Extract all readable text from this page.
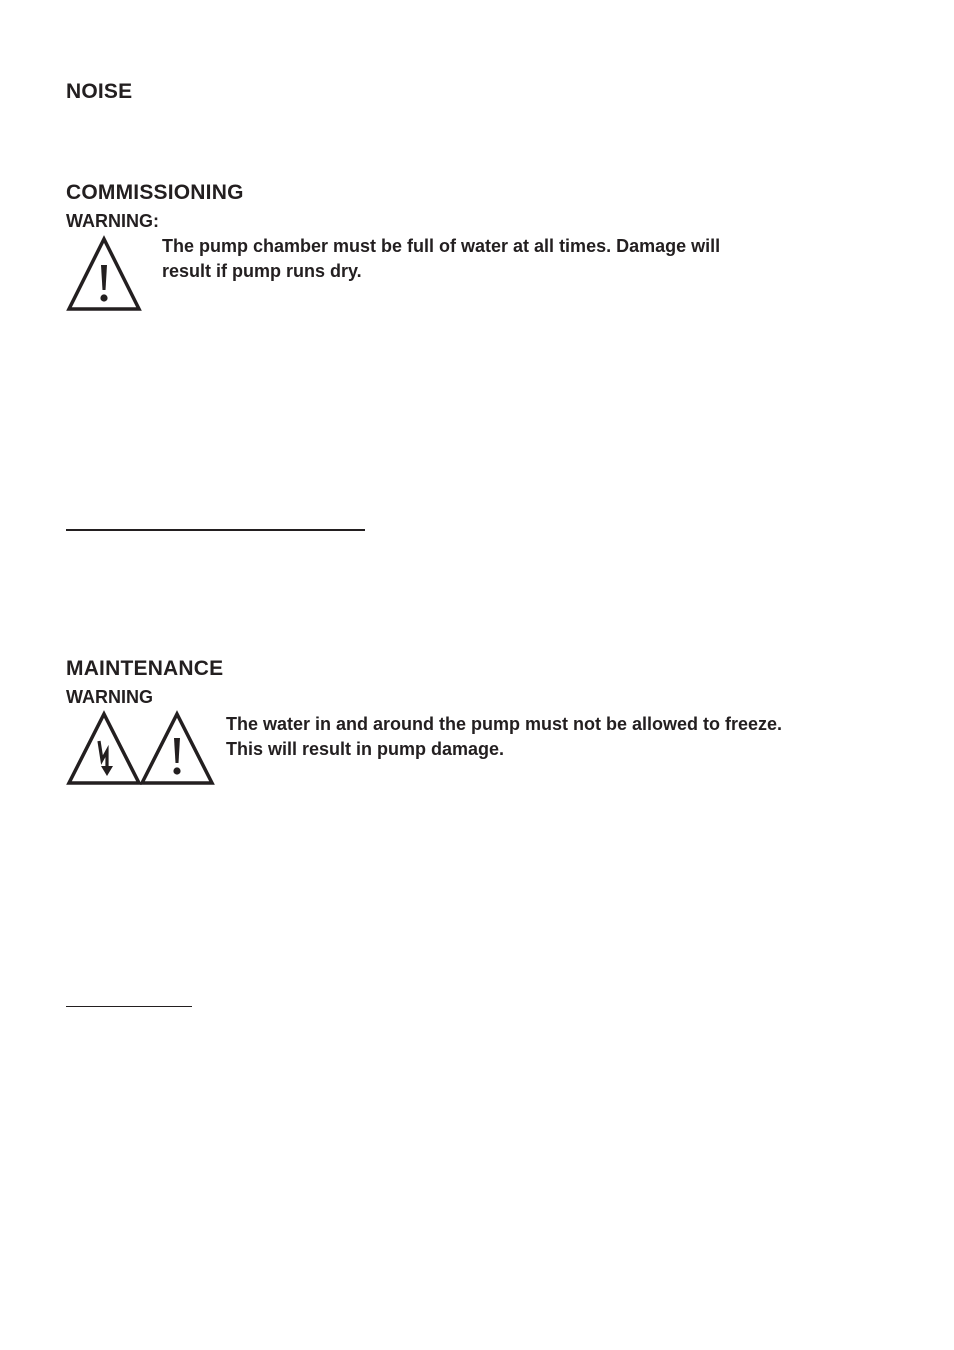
NOISE
COMMISSIONING

WARNING:

The pump chamber must be full of water at all times. Damage will
result if pump runs dry.
MAINTENANCE

WARNING

The water in and around the pump must not be allowed to freeze.
This will result in pump damage.
